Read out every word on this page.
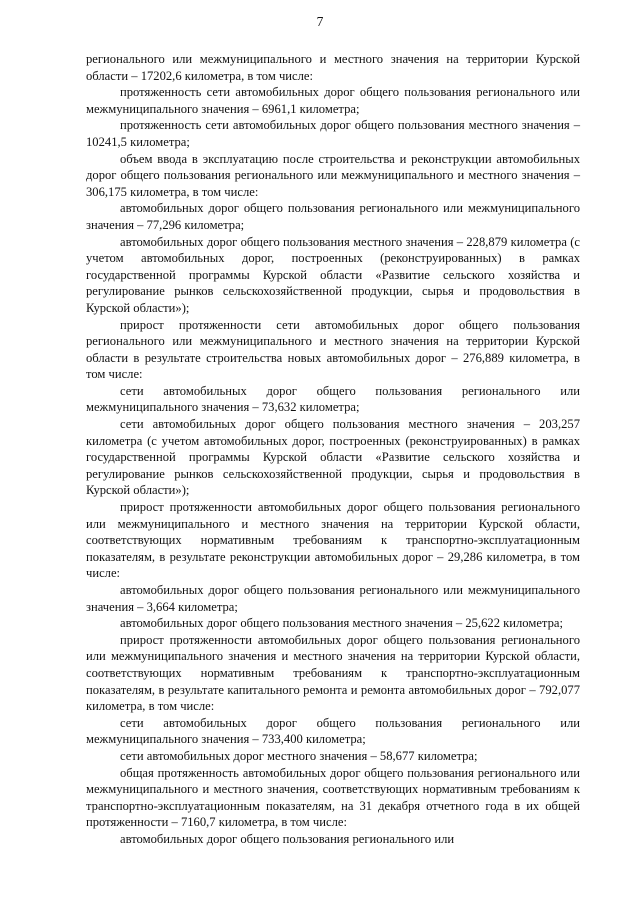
7

регионального или межмуниципального и местного значения на территории Курской области – 17202,6 километра, в том числе:

протяженность сети автомобильных дорог общего пользования регионального или межмуниципального значения – 6961,1 километра;

протяженность сети автомобильных дорог общего пользования местного значения – 10241,5 километра;

объем ввода в эксплуатацию после строительства и реконструкции автомобильных дорог общего пользования регионального или межмуниципального и местного значения – 306,175 километра, в том числе:

автомобильных дорог общего пользования регионального или межмуниципального значения – 77,296 километра;

автомобильных дорог общего пользования местного значения – 228,879 километра (с учетом автомобильных дорог, построенных (реконструированных) в рамках государственной программы Курской области «Развитие сельского хозяйства и регулирование рынков сельскохозяйственной продукции, сырья и продовольствия в Курской области»);

прирост протяженности сети автомобильных дорог общего пользования регионального или межмуниципального и местного значения на территории Курской области в результате строительства новых автомобильных дорог – 276,889 километра, в том числе:

сети автомобильных дорог общего пользования регионального или межмуниципального значения – 73,632 километра;

сети автомобильных дорог общего пользования местного значения – 203,257 километра (с учетом автомобильных дорог, построенных (реконструированных) в рамках государственной программы Курской области «Развитие сельского хозяйства и регулирование рынков сельскохозяйственной продукции, сырья и продовольствия в Курской области»);

прирост протяженности автомобильных дорог общего пользования регионального или межмуниципального и местного значения на территории Курской области, соответствующих нормативным требованиям к транспортно-эксплуатационным показателям, в результате реконструкции автомобильных дорог – 29,286 километра, в том числе:

автомобильных дорог общего пользования регионального или межмуниципального значения – 3,664 километра;

автомобильных дорог общего пользования местного значения – 25,622 километра;

прирост протяженности автомобильных дорог общего пользования регионального или межмуниципального значения и местного значения на территории Курской области, соответствующих нормативным требованиям к транспортно-эксплуатационным показателям, в результате капитального ремонта и ремонта автомобильных дорог – 792,077 километра, в том числе:

сети автомобильных дорог общего пользования регионального или межмуниципального значения – 733,400 километра;

сети автомобильных дорог местного значения – 58,677 километра;

общая протяженность автомобильных дорог общего пользования регионального или межмуниципального и местного значения, соответствующих нормативным требованиям к транспортно-эксплуатационным показателям, на 31 декабря отчетного года в их общей протяженности – 7160,7 километра, в том числе:

автомобильных дорог общего пользования регионального или
